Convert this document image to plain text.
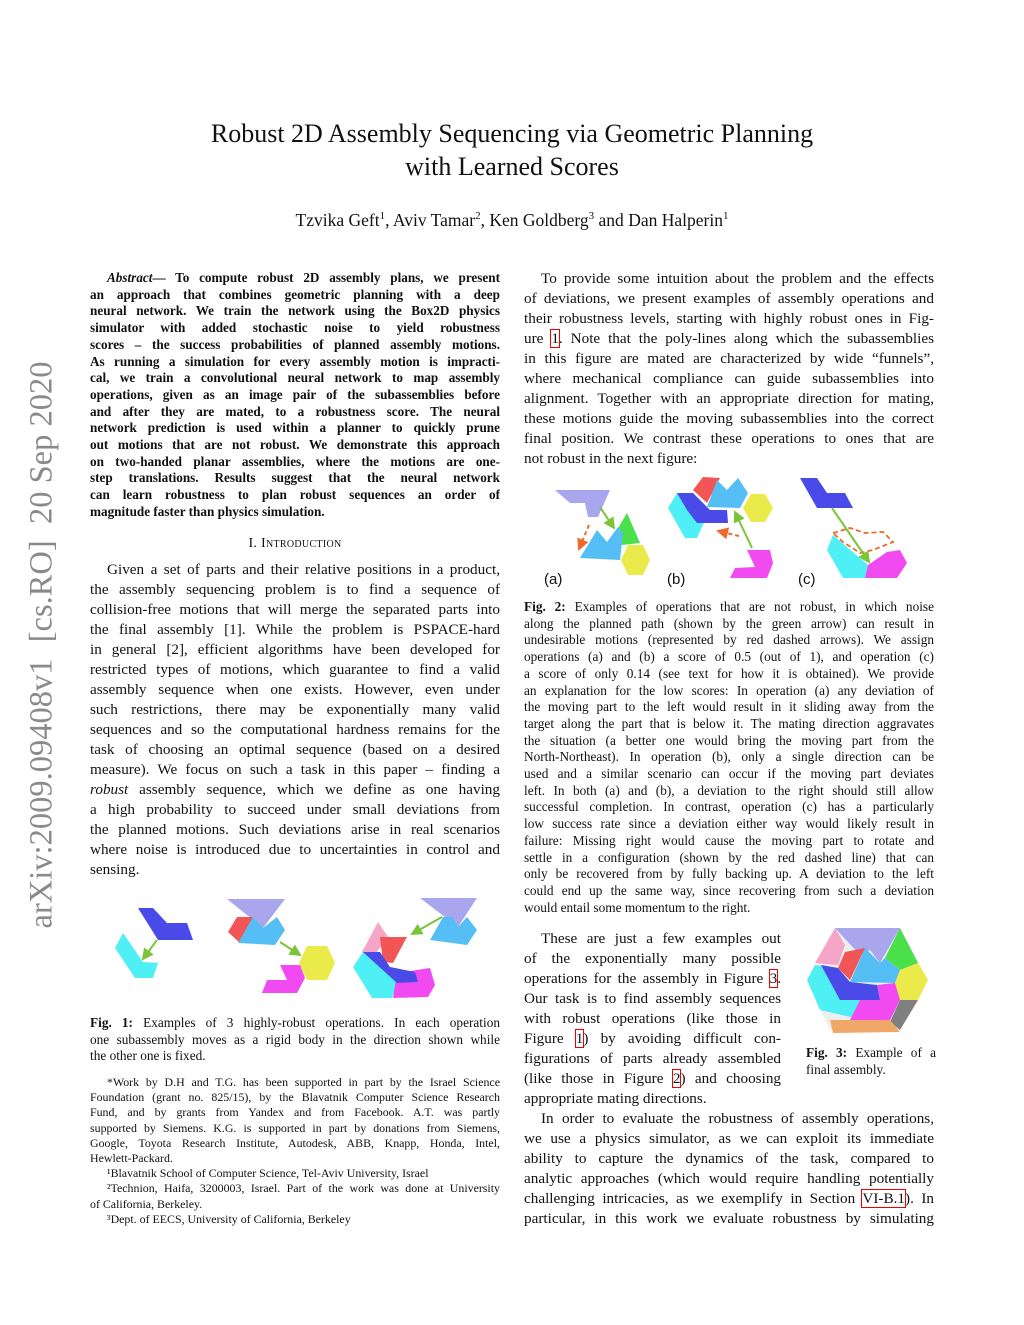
arXiv:2009.09408v1  [cs.RO]  20 Sep 2020
Robust 2D Assembly Sequencing via Geometric Planning
with Learned Scores
Tzvika Geft$^1$, Aviv Tamar$^2$, Ken Goldberg$^3$ and Dan Halperin$^1$
Abstract— To compute robust 2D assembly plans, we present
an approach that combines geometric planning with a deep
neural network. We train the network using the Box2D physics
simulator with added stochastic noise to yield robustness
scores – the success probabilities of planned assembly motions.
As running a simulation for every assembly motion is impracti-
cal, we train a convolutional neural network to map assembly
operations, given as an image pair of the subassemblies before
and after they are mated, to a robustness score. The neural
network prediction is used within a planner to quickly prune
out motions that are not robust. We demonstrate this approach
on two-handed planar assemblies, where the motions are one-
step translations. Results suggest that the neural network
can learn robustness to plan robust sequences an order of
magnitude faster than physics simulation.
I. Introduction
Given a set of parts and their relative positions in a product,
the assembly sequencing problem is to find a sequence of
collision-free motions that will merge the separated parts into
the final assembly [1]. While the problem is PSPACE-hard
in general [2], efficient algorithms have been developed for
restricted types of motions, which guarantee to find a valid
assembly sequence when one exists. However, even under
such restrictions, there may be exponentially many valid
sequences and so the computational hardness remains for the
task of choosing an optimal sequence (based on a desired
measure). We focus on such a task in this paper – finding a
robust assembly sequence, which we define as one having
a high probability to succeed under small deviations from
the planned motions. Such deviations arise in real scenarios
where noise is introduced due to uncertainties in control and
sensing.
(a)	(b)	(c)
Fig. 1: Examples of 3 highly-robust operations. In each operation
one subassembly moves as a rigid body in the direction shown while
the other one is fixed.
*Work by D.H and T.G. has been supported in part by the Israel Science
Foundation (grant no. 825/15), by the Blavatnik Computer Science Research
Fund, and by grants from Yandex and from Facebook. A.T. was partly
supported by Siemens. K.G. is supported in part by donations from Siemens,
Google, Toyota Research Institute, Autodesk, ABB, Knapp, Honda, Intel,
Hewlett-Packard.
¹Blavatnik School of Computer Science, Tel-Aviv University, Israel
²Technion, Haifa, 3200003, Israel. Part of the work was done at University
of California, Berkeley.
³Dept. of EECS, University of California, Berkeley
To provide some intuition about the problem and the effects
of deviations, we present examples of assembly operations and
their robustness levels, starting with highly robust ones in Fig-
ure 1. Note that the poly-lines along which the subassemblies
in this figure are mated are characterized by wide “funnels”,
where mechanical compliance can guide subassemblies into
alignment. Together with an appropriate direction for mating,
these motions guide the moving subassemblies into the correct
final position. We contrast these operations to ones that are
not robust in the next figure:
Fig. 2: Examples of operations that are not robust, in which noise
along the planned path (shown by the green arrow) can result in
undesirable motions (represented by red dashed arrows). We assign
operations (a) and (b) a score of 0.5 (out of 1), and operation (c)
a score of only 0.14 (see text for how it is obtained). We provide
an explanation for the low scores: In operation (a) any deviation of
the moving part to the left would result in it sliding away from the
target along the part that is below it. The mating direction aggravates
the situation (a better one would bring the moving part from the
North-Northeast). In operation (b), only a single direction can be
used and a similar scenario can occur if the moving part deviates
left. In both (a) and (b), a deviation to the right should still allow
successful completion. In contrast, operation (c) has a particularly
low success rate since a deviation either way would likely result in
failure: Missing right would cause the moving part to rotate and
settle in a configuration (shown by the red dashed line) that can
only be recovered from by fully backing up. A deviation to the left
could end up the same way, since recovering from such a deviation
would entail some momentum to the right.
These are just a few examples out
of the exponentially many possible
operations for the assembly in Figure 3.
Our task is to find assembly sequences
with robust operations (like those in
Figure 1) by avoiding difficult con-
figurations of parts already assembled
(like those in Figure 2) and choosing
appropriate mating directions.
Fig. 3: Example of a
final assembly.
In order to evaluate the robustness of assembly operations,
we use a physics simulator, as we can exploit its immediate
ability to capture the dynamics of the task, compared to
analytic approaches (which would require handling potentially
challenging intricacies, as we exemplify in Section VI-B.1). In
particular, in this work we evaluate robustness by simulating
